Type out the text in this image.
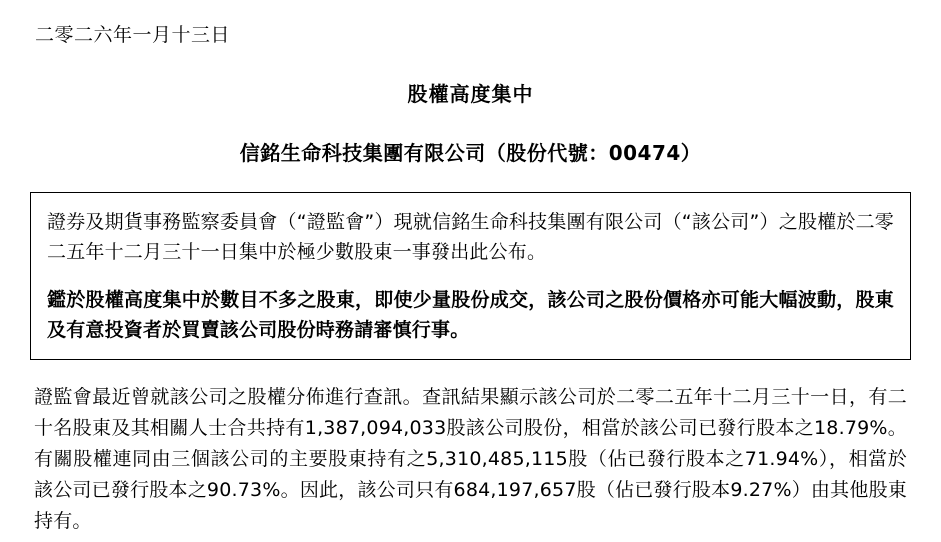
二零二六年一月十三日
股權高度集中
信銘生命科技集團有限公司（股份代號：00474）

證券及期貨事務監察委員會（“證監會”）現就信銘生命科技集團有限公司（“該公司”）之股權於二零二五年十二月三十一日集中於極少數股東一事發出此公布。

鑑於股權高度集中於數目不多之股東，即使少量股份成交，該公司之股份價格亦可能大幅波動，股東及有意投資者於買賣該公司股份時務請審慎行事。

證監會最近曾就該公司之股權分佈進行查訊。查訊結果顯示該公司於二零二五年十二月三十一日，有二十名股東及其相關人士合共持有1,387,094,033股該公司股份，相當於該公司已發行股本之18.79%。有關股權連同由三個該公司的主要股東持有之5,310,485,115股（佔已發行股本之71.94%），相當於該公司已發行股本之90.73%。因此，該公司只有684,197,657股（佔已發行股本9.27%）由其他股東持有。
